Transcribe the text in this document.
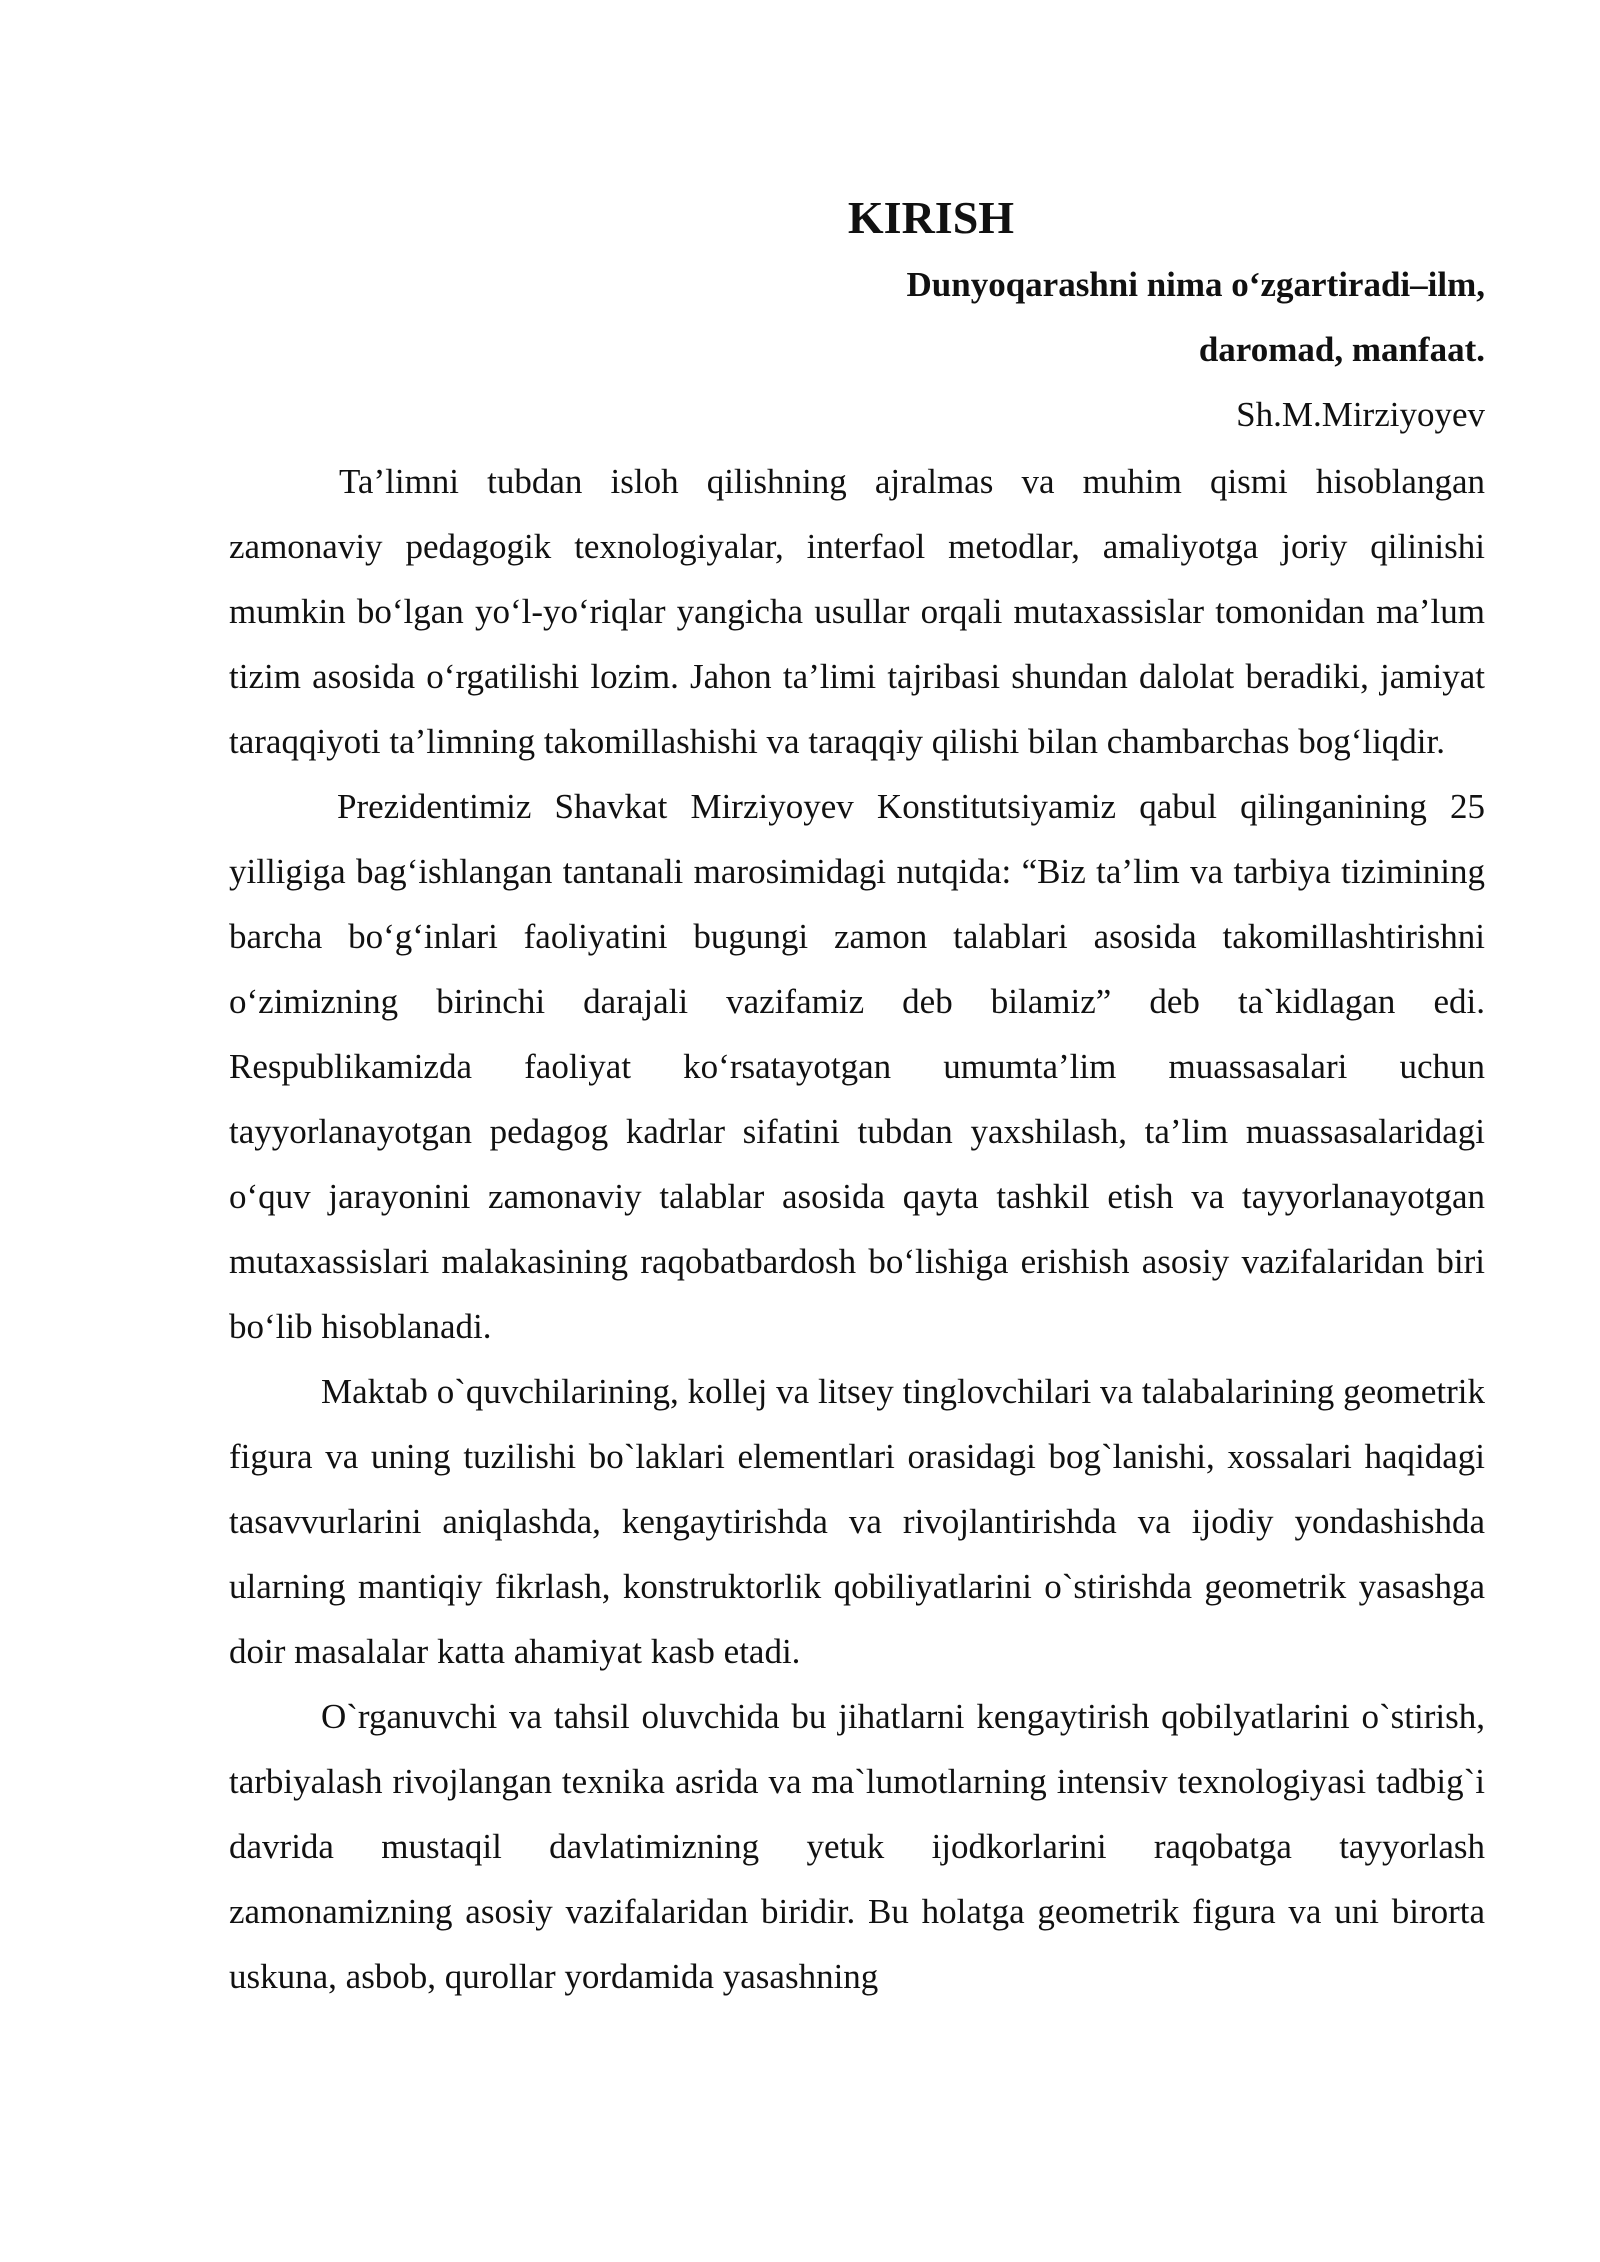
KIRISH
Dunyoqarashni nima o‘zgartiradi–ilm,
daromad, manfaat.
Sh.M.Mirziyoyev

Ta’limni tubdan isloh qilishning ajralmas va muhim qismi hisoblangan zamonaviy pedagogik texnologiyalar, interfaol metodlar, amaliyotga joriy qilinishi mumkin bo‘lgan yo‘l-yo‘riqlar yangicha usullar orqali mutaxassislar tomonidan ma’lum tizim asosida o‘rgatilishi lozim. Jahon ta’limi tajribasi shundan dalolat beradiki, jamiyat taraqqiyoti ta’limning takomillashishi va taraqqiy qilishi bilan chambarchas bog‘liqdir.

Prezidentimiz Shavkat Mirziyoyev Konstitutsiyamiz qabul qilinganining 25 yilligiga bag‘ishlangan tantanali marosimidagi nutqida: “Biz ta’lim va tarbiya tizimining barcha bo‘g‘inlari faoliyatini bugungi zamon talablari asosida takomillashtirishni o‘zimizning birinchi darajali vazifamiz deb bilamiz” deb ta`kidlagan edi. Respublikamizda faoliyat ko‘rsatayotgan umumta’lim muassasalari uchun tayyorlanayotgan pedagog kadrlar sifatini tubdan yaxshilash, ta’lim muassasalaridagi o‘quv jarayonini zamonaviy talablar asosida qayta tashkil etish va tayyorlanayotgan mutaxassislari malakasining raqobatbardosh bo‘lishiga erishish asosiy vazifalaridan biri bo‘lib hisoblanadi.

Maktab o`quvchilarining, kollej va litsey tinglovchilari va talabalarining geometrik figura va uning tuzilishi bo`laklari elementlari orasidagi bog`lanishi, xossalari haqidagi tasavvurlarini aniqlashda, kengaytirishda va rivojlantirishda va ijodiy yondashishda ularning mantiqiy fikrlash, konstruktorlik qobiliyatlarini o`stirishda geometrik yasashga doir masalalar katta ahamiyat kasb etadi.

O`rganuvchi va tahsil oluvchida bu jihatlarni kengaytirish qobilyatlarini o`stirish, tarbiyalash rivojlangan texnika asrida va ma`lumotlarning intensiv texnologiyasi tadbig`i davrida mustaqil davlatimizning yetuk ijodkorlarini raqobatga tayyorlash zamonamizning asosiy vazifalaridan biridir. Bu holatga geometrik figura va uni birorta uskuna, asbob, qurollar yordamida yasashning
